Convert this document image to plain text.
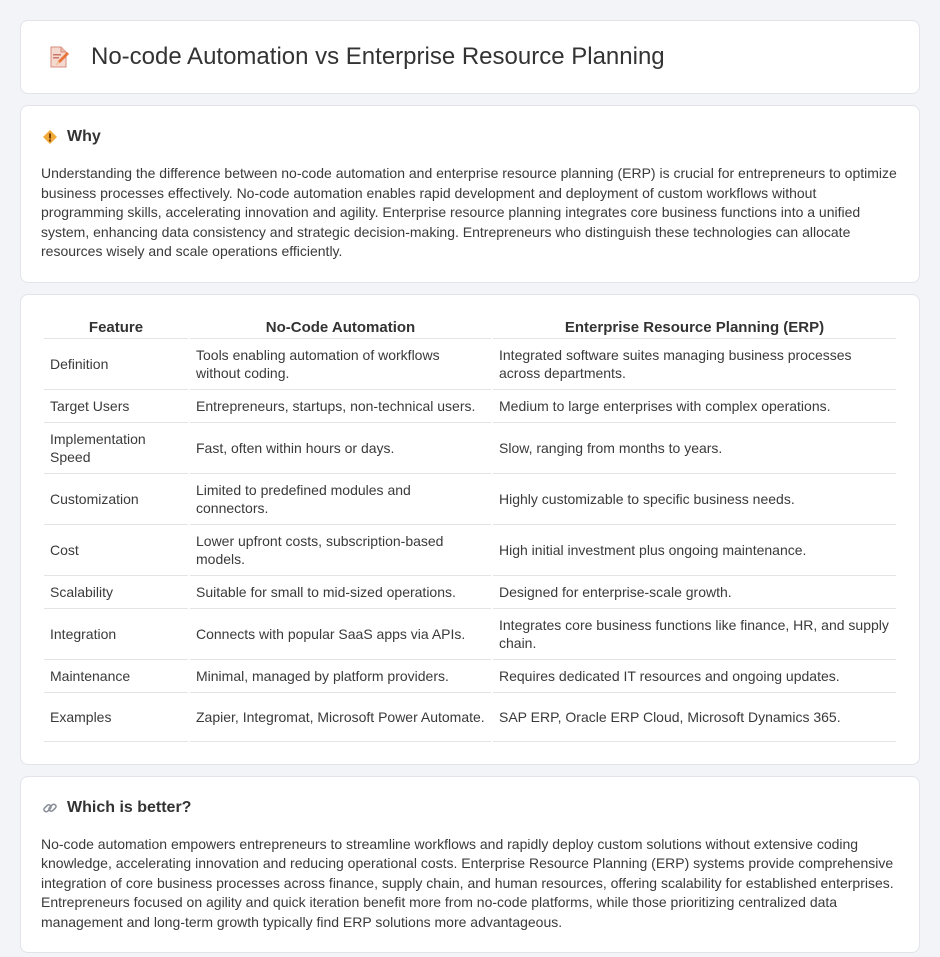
No-code Automation vs Enterprise Resource Planning
Why

Understanding the difference between no-code automation and enterprise resource planning (ERP) is crucial for entrepreneurs to optimize business processes effectively. No-code automation enables rapid development and deployment of custom workflows without programming skills, accelerating innovation and agility. Enterprise resource planning integrates core business functions into a unified system, enhancing data consistency and strategic decision-making. Entrepreneurs who distinguish these technologies can allocate resources wisely and scale operations efficiently.

Feature	No-Code Automation	Enterprise Resource Planning (ERP)
Definition	Tools enabling automation of workflows without coding.	Integrated software suites managing business processes across departments.
Target Users	Entrepreneurs, startups, non-technical users.	Medium to large enterprises with complex operations.
Implementation Speed	Fast, often within hours or days.	Slow, ranging from months to years.
Customization	Limited to predefined modules and connectors.	Highly customizable to specific business needs.
Cost	Lower upfront costs, subscription-based models.	High initial investment plus ongoing maintenance.
Scalability	Suitable for small to mid-sized operations.	Designed for enterprise-scale growth.
Integration	Connects with popular SaaS apps via APIs.	Integrates core business functions like finance, HR, and supply chain.
Maintenance	Minimal, managed by platform providers.	Requires dedicated IT resources and ongoing updates.
Examples	Zapier, Integromat, Microsoft Power Automate.	SAP ERP, Oracle ERP Cloud, Microsoft Dynamics 365.
Which is better?

No-code automation empowers entrepreneurs to streamline workflows and rapidly deploy custom solutions without extensive coding knowledge, accelerating innovation and reducing operational costs. Enterprise Resource Planning (ERP) systems provide comprehensive integration of core business processes across finance, supply chain, and human resources, offering scalability for established enterprises. Entrepreneurs focused on agility and quick iteration benefit more from no-code platforms, while those prioritizing centralized data management and long-term growth typically find ERP solutions more advantageous.
